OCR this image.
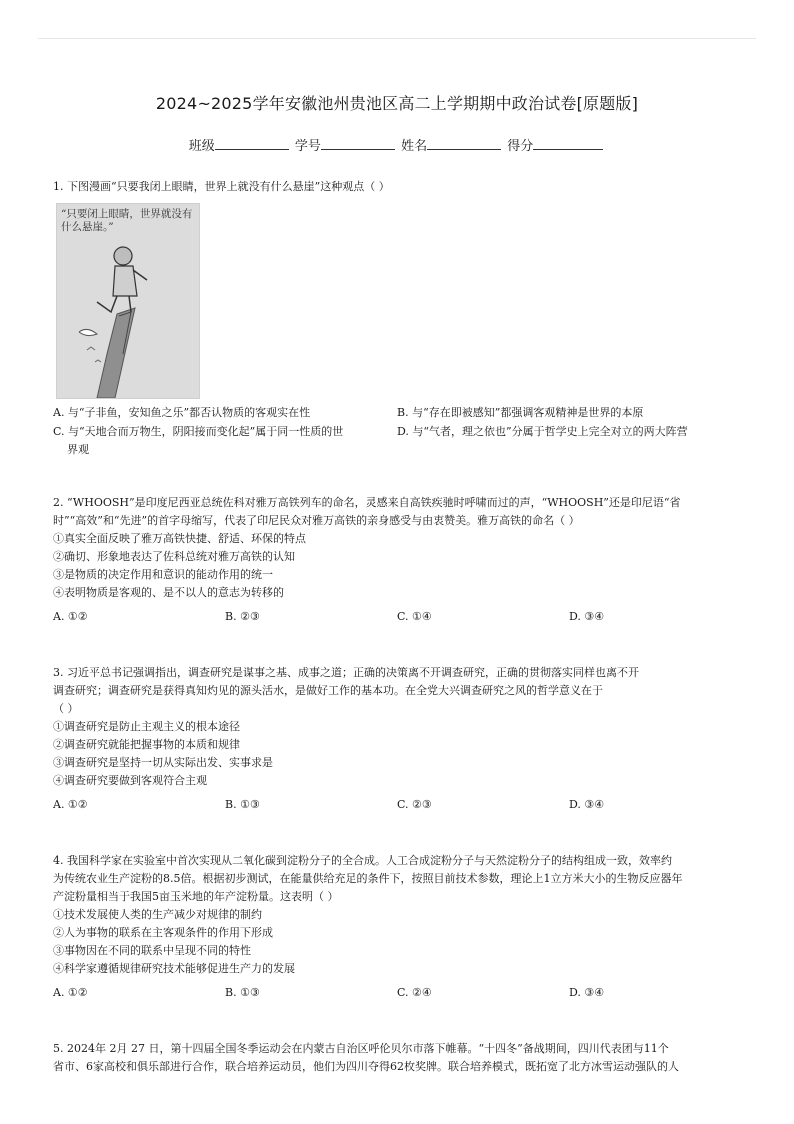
2024~2025学年安徽池州贵池区高二上学期期中政治试卷[原题版]
班级	学号	姓名	得分

1. 下图漫画“只要我闭上眼睛，世界上就没有什么悬崖”这种观点（ ）

“只要闭上眼睛，世界就没有什么悬崖。”
A. 与“子非鱼，安知鱼之乐”都否认物质的客观实在性	B. 与“存在即被感知”都强调客观精神是世界的本原
C. 与“天地合而万物生，阴阳接而变化起”属于同一性质的世
界观
D. 与“气者，理之依也”分属于哲学史上完全对立的两大阵营

2. “WHOOSH”是印度尼西亚总统佐科对雅万高铁列车的命名，灵感来自高铁疾驰时呼啸而过的声，“WHOOSH”还是印尼语“省

时”“高效”和“先进”的首字母缩写，代表了印尼民众对雅万高铁的亲身感受与由衷赞美。雅万高铁的命名（ ）

①真实全面反映了雅万高铁快捷、舒适、环保的特点

②确切、形象地表达了佐科总统对雅万高铁的认知

③是物质的决定作用和意识的能动作用的统一

④表明物质是客观的、是不以人的意志为转移的

A. ①②	B. ②③	C. ①④	D. ③④

3. 习近平总书记强调指出，调查研究是谋事之基、成事之道；正确的决策离不开调查研究，正确的贯彻落实同样也离不开

调查研究；调查研究是获得真知灼见的源头活水，是做好工作的基本功。在全党大兴调查研究之风的哲学意义在于

（ ）

①调查研究是防止主观主义的根本途径

②调查研究就能把握事物的本质和规律

③调查研究是坚持一切从实际出发、实事求是

④调查研究要做到客观符合主观

A. ①②	B. ①③	C. ②③	D. ③④

4. 我国科学家在实验室中首次实现从二氧化碳到淀粉分子的全合成。人工合成淀粉分子与天然淀粉分子的结构组成一致，效率约

为传统农业生产淀粉的8.5倍。根据初步测试，在能量供给充足的条件下，按照目前技术参数，理论上1立方米大小的生物反应器年

产淀粉量相当于我国5亩玉米地的年产淀粉量。这表明（ ）

①技术发展使人类的生产减少对规律的制约

②人为事物的联系在主客观条件的作用下形成

③事物因在不同的联系中呈现不同的特性

④科学家遵循规律研究技术能够促进生产力的发展

A. ①②	B. ①③	C. ②④	D. ③④

5. 2024年 2月 27 日，第十四届全国冬季运动会在内蒙古自治区呼伦贝尔市落下帷幕。“十四冬”备战期间，四川代表团与11个

省市、6家高校和俱乐部进行合作，联合培养运动员，他们为四川夺得62枚奖牌。联合培养模式，既拓宽了北方冰雪运动强队的人
